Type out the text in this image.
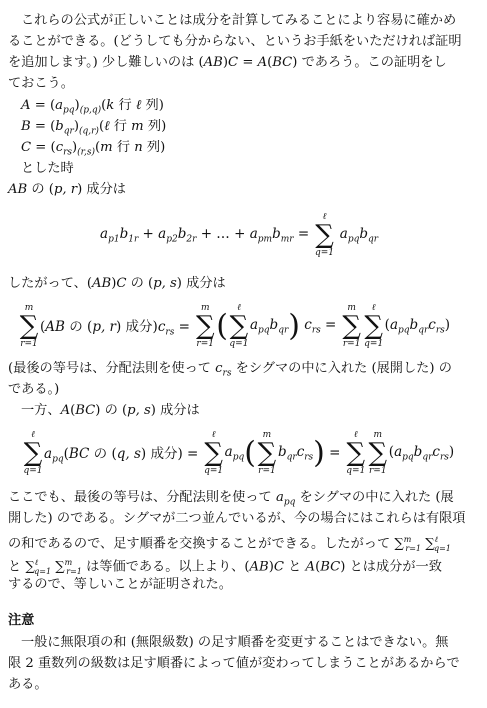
これらの公式が正しいことは成分を計算してみることにより容易に確かめ
ることができる。(どうしても分からない、というお手紙をいただければ証明
を追加します。) 少し難しいのは (AB)C = A(BC) であろう。この証明をし
ておこう。
$A = (a_{pq})_{(p,q)}(k$ 行 ℓ 列)
$B = (b_{qr})_{(q,r)}(\ell$ 行 m 列)
$C = (c_{rs})_{(r,s)}(m$ 行 n 列)
とした時
AB の (p, r) 成分は
$a_{p1}b_{1r} + a_{p2}b_{2r}$ + … + $a_{pm}b_{mr}$ =
ℓ
∑
q=1
$a_{pq}b_{qr}$
したがって、(AB)C の (p, s) 成分は
m
∑
r=1
(AB の (p, r) 成分)$c_{rs}$ =
m
∑
r=1
(
ℓ
∑
q=1
$a_{pq}b_{qr}$) $c_{rs}$ =
m
∑
r=1
ℓ
∑
q=1
$(a_{pq}b_{qr}c_{rs})$
(最後の等号は、分配法則を使って $c_{rs}$ をシグマの中に入れた (展開した) の
である。)
一方、A(BC) の (p, s) 成分は
ℓ
∑
q=1
$a_{pq}(BC$ の (q, s) 成分) =
ℓ
∑
q=1
$a_{pq}$(
m
∑
r=1
$b_{qr}c_{rs}$) =
ℓ
∑
q=1
m
∑
r=1
$(a_{pq}b_{qr}c_{rs})$
ここでも、最後の等号は、分配法則を使って $a_{pq}$ をシグマの中に入れた (展
開した) のである。シグマが二つ並んでいるが、今の場合にはこれらは有限項
の和であるので、足す順番を交換することができる。したがって ∑$^m_{r=1}$ ∑$^\ell_{q=1}$
と ∑$^\ell_{q=1}$ ∑$^m_{r=1}$ は等価である。以上より、(AB)C と A(BC) とは成分が一致
するので、等しいことが証明された。
注意
一般に無限項の和 (無限級数) の足す順番を変更することはできない。無
限 2 重数列の級数は足す順番によって値が変わってしまうことがあるからで
ある。
